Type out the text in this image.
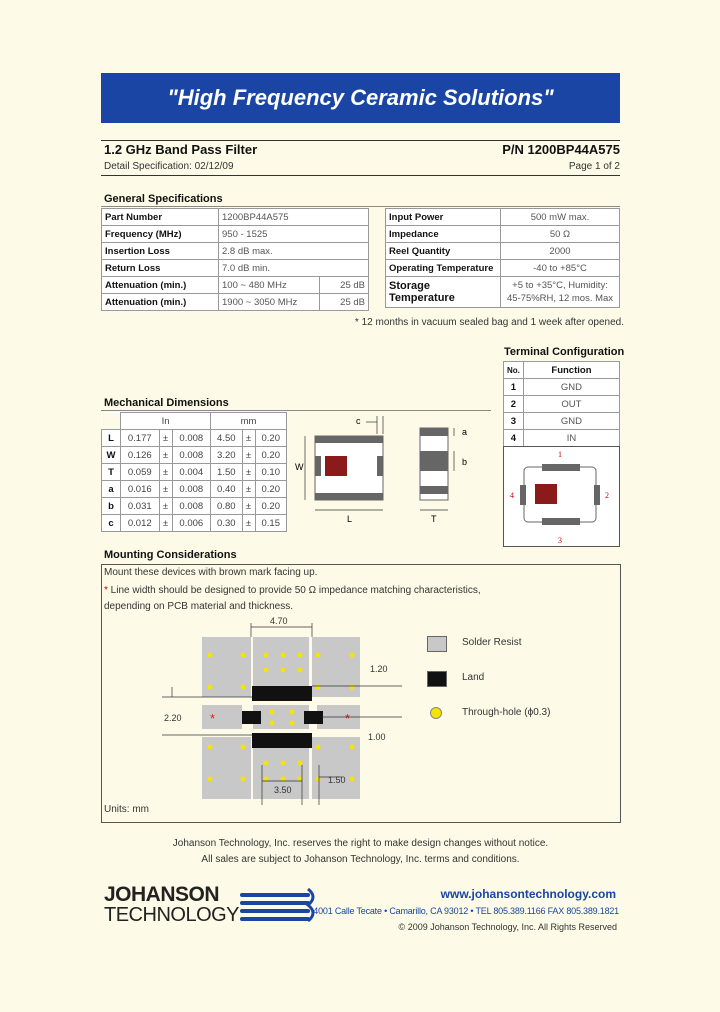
"High Frequency Ceramic Solutions"
1.2 GHz Band Pass Filter	P/N 1200BP44A575
Detail Specification: 02/12/09	Page 1 of 2
General Specifications
Part Number	1200BP44A575	
Frequency (MHz)	950 - 1525	
Insertion Loss	2.8 dB max.	
Return Loss	7.0 dB min.	
Attenuation (min.)	100 ~ 480 MHz	25 dB
Attenuation (min.)	1900 ~ 3050 MHz	25 dB
Input Power	500 mW max.
Impedance	50 Ω
Reel Quantity	2000
Operating Temperature	-40 to +85°C
Storage Temperature	+5 to +35°C, Humidity:
45-75%RH, 12 mos. Max
* 12 months in vacuum sealed bag and 1 week after opened.
Terminal Configuration
No.	Function
1	GND
2	OUT
3	GND
4	IN
1
3
4	2
Mechanical Dimensions
	In			mm		
L	0.177	±	0.008	4.50	±	0.20
W	0.126	±	0.008	3.20	±	0.20
T	0.059	±	0.004	1.50	±	0.10
a	0.016	±	0.008	0.40	±	0.20
b	0.031	±	0.008	0.80	±	0.20
c	0.012	±	0.006	0.30	±	0.15
c
W
L
a
b
T
Mounting Considerations
Mount these devices with brown mark facing up.
* Line width should be designed to provide 50 Ω impedance matching characteristics,
depending on PCB material and thickness.
Units: mm
*	*
4.70
1.20
2.20
1.00
3.50
1.50
Solder Resist
Land
Through-hole (ϕ0.3)
Johanson Technology, Inc. reserves the right to make design changes without notice.
All sales are subject to Johanson Technology, Inc. terms and conditions.
JOHANSON
TECHNOLOGY
www.johansontechnology.com
4001 Calle Tecate • Camarillo, CA 93012 • TEL 805.389.1166 FAX 805.389.1821
© 2009 Johanson Technology, Inc. All Rights Reserved
